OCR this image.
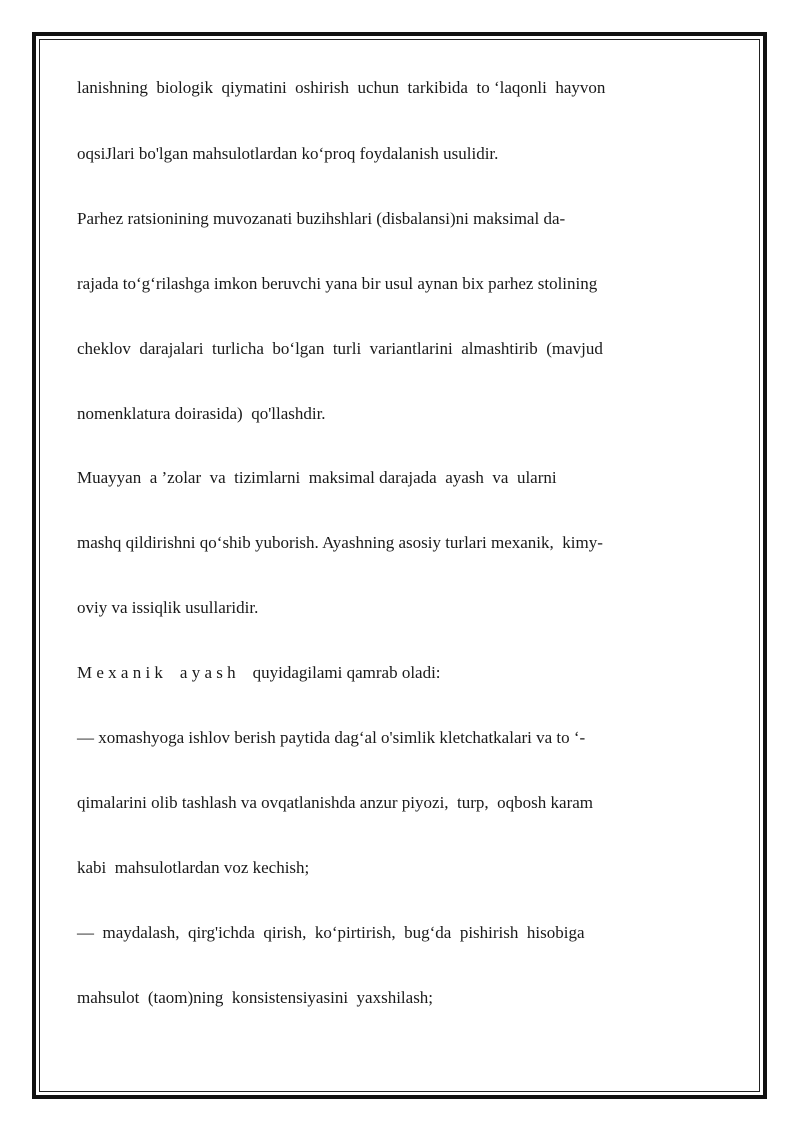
lanishning  biologik  qiymatini  oshirish  uchun  tarkibida  to ‘laqonli  hayvon

oqsiJlari bo'lgan mahsulotlardan ko‘proq foydalanish usulidir.

Parhez ratsionining muvozanati buzihshlari (disbalansi)ni maksimal da-

rajada to‘g‘rilashga imkon beruvchi yana bir usul aynan bix parhez stolining

cheklov  darajalari  turlicha  bo‘lgan  turli  variantlarini  almashtirib  (mavjud

nomenklatura doirasida)  qo'llashdir.

Muayyan  a ’zolar  va  tizimlarni  maksimal darajada  ayash  va  ularni

mashq qildirishni qo‘shib yuborish. Ayashning asosiy turlari mexanik,  kimy-

oviy va issiqlik usullaridir.

M e x a n i k    a y a s h    quyidagilami qamrab oladi:

— xomashyoga ishlov berish paytida dag‘al o'simlik kletchatkalari va to ‘-

qimalarini olib tashlash va ovqatlanishda anzur piyozi,  turp,  oqbosh karam

kabi  mahsulotlardan voz kechish;

—  maydalash,  qirg'ichda  qirish,  ko‘pirtirish,  bug‘da  pishirish  hisobiga

mahsulot  (taom)ning  konsistensiyasini  yaxshilash;
